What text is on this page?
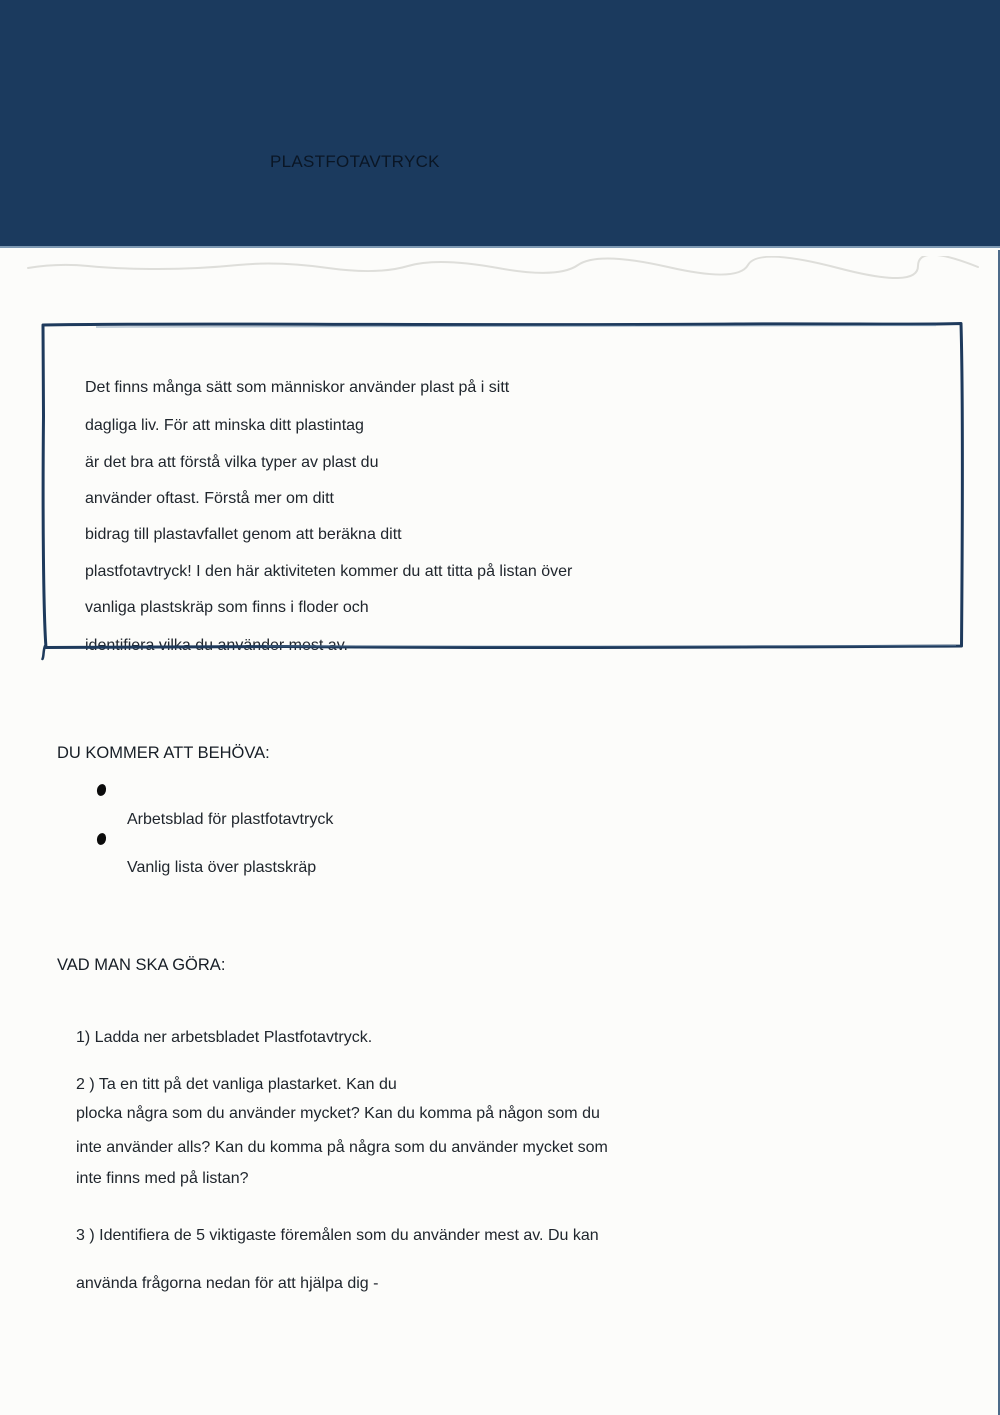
PLASTFOTAVTRYCK
Det finns många sätt som människor använder plast på i sitt
dagliga liv. För att minska ditt plastintag
är det bra att förstå vilka typer av plast du
använder oftast. Förstå mer om ditt
bidrag till plastavfallet genom att beräkna ditt
plastfotavtryck! I den här aktiviteten kommer du att titta på listan över
vanliga plastskräp som finns i floder och
identifiera vilka du använder mest av.
DU KOMMER ATT BEHÖVA:
Arbetsblad för plastfotavtryck
Vanlig lista över plastskräp
VAD MAN SKA GÖRA:
1) Ladda ner arbetsbladet Plastfotavtryck.
2 ) Ta en titt på det vanliga plastarket. Kan du
plocka några som du använder mycket? Kan du komma på någon som du
inte använder alls? Kan du komma på några som du använder mycket som
inte finns med på listan?
3 ) Identifiera de 5 viktigaste föremålen som du använder mest av. Du kan
använda frågorna nedan för att hjälpa dig -
